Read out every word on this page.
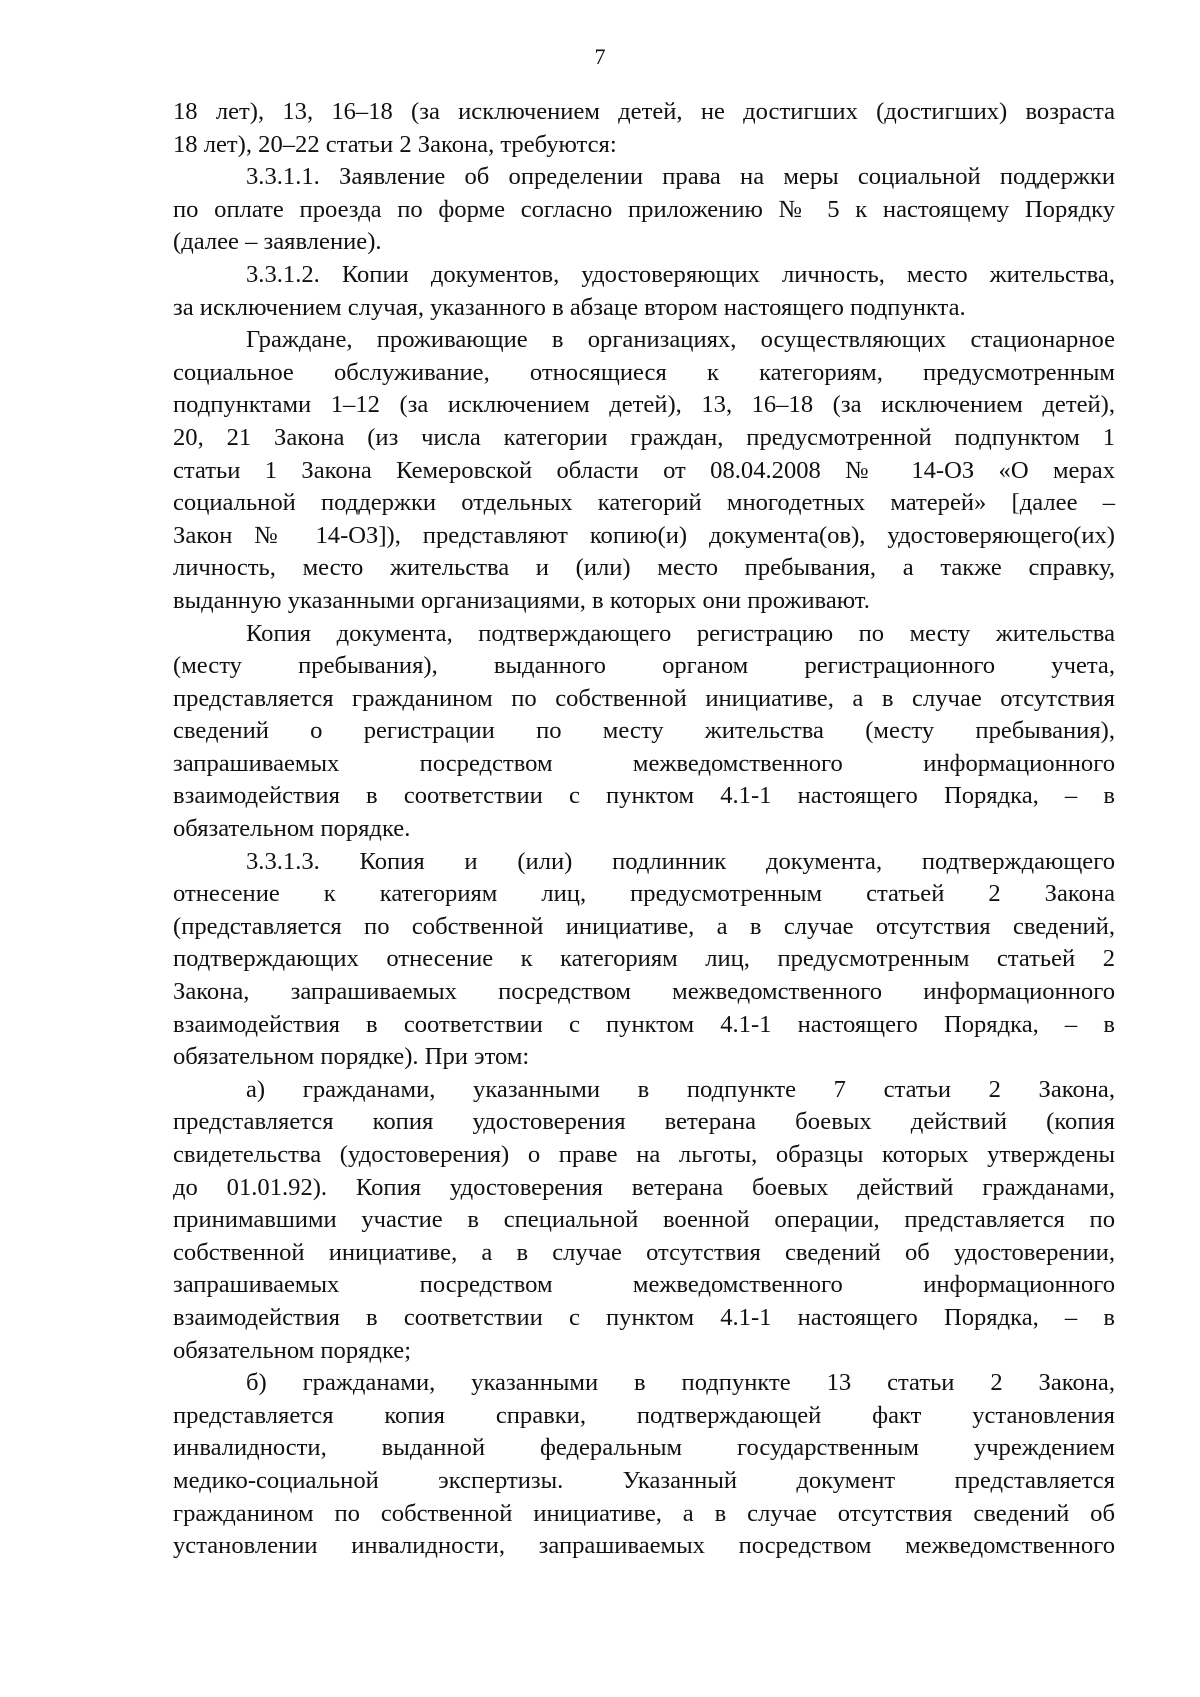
7
18 лет), 13, 16–18 (за исключением детей, не достигших (достигших) возраста
18 лет), 20–22 статьи 2 Закона, требуются:
3.3.1.1. Заявление об определении права на меры социальной поддержки
по оплате проезда по форме согласно приложению № 5 к настоящему Порядку
(далее – заявление).
3.3.1.2. Копии документов, удостоверяющих личность, место жительства,
за исключением случая, указанного в абзаце втором настоящего подпункта.
Граждане, проживающие в организациях, осуществляющих стационарное
социальное обслуживание, относящиеся к категориям, предусмотренным
подпунктами 1–12 (за исключением детей), 13, 16–18 (за исключением детей),
20, 21 Закона (из числа категории граждан, предусмотренной подпунктом 1
статьи 1 Закона Кемеровской области от 08.04.2008 № 14-ОЗ «О мерах
социальной поддержки отдельных категорий многодетных матерей» [далее –
Закон № 14-ОЗ]), представляют копию(и) документа(ов), удостоверяющего(их)
личность, место жительства и (или) место пребывания, а также справку,
выданную указанными организациями, в которых они проживают.
Копия документа, подтверждающего регистрацию по месту жительства
(месту пребывания), выданного органом регистрационного учета,
представляется гражданином по собственной инициативе, а в случае отсутствия
сведений о регистрации по месту жительства (месту пребывания),
запрашиваемых посредством межведомственного информационного
взаимодействия в соответствии с пунктом 4.1-1 настоящего Порядка, – в
обязательном порядке.
3.3.1.3. Копия и (или) подлинник документа, подтверждающего
отнесение к категориям лиц, предусмотренным статьей 2 Закона
(представляется по собственной инициативе, а в случае отсутствия сведений,
подтверждающих отнесение к категориям лиц, предусмотренным статьей 2
Закона, запрашиваемых посредством межведомственного информационного
взаимодействия в соответствии с пунктом 4.1-1 настоящего Порядка, – в
обязательном порядке). При этом:
а) гражданами, указанными в подпункте 7 статьи 2 Закона,
представляется копия удостоверения ветерана боевых действий (копия
свидетельства (удостоверения) о праве на льготы, образцы которых утверждены
до 01.01.92). Копия удостоверения ветерана боевых действий гражданами,
принимавшими участие в специальной военной операции, представляется по
собственной инициативе, а в случае отсутствия сведений об удостоверении,
запрашиваемых посредством межведомственного информационного
взаимодействия в соответствии с пунктом 4.1-1 настоящего Порядка, – в
обязательном порядке;
б) гражданами, указанными в подпункте 13 статьи 2 Закона,
представляется копия справки, подтверждающей факт установления
инвалидности, выданной федеральным государственным учреждением
медико-социальной экспертизы. Указанный документ представляется
гражданином по собственной инициативе, а в случае отсутствия сведений об
установлении инвалидности, запрашиваемых посредством межведомственного
